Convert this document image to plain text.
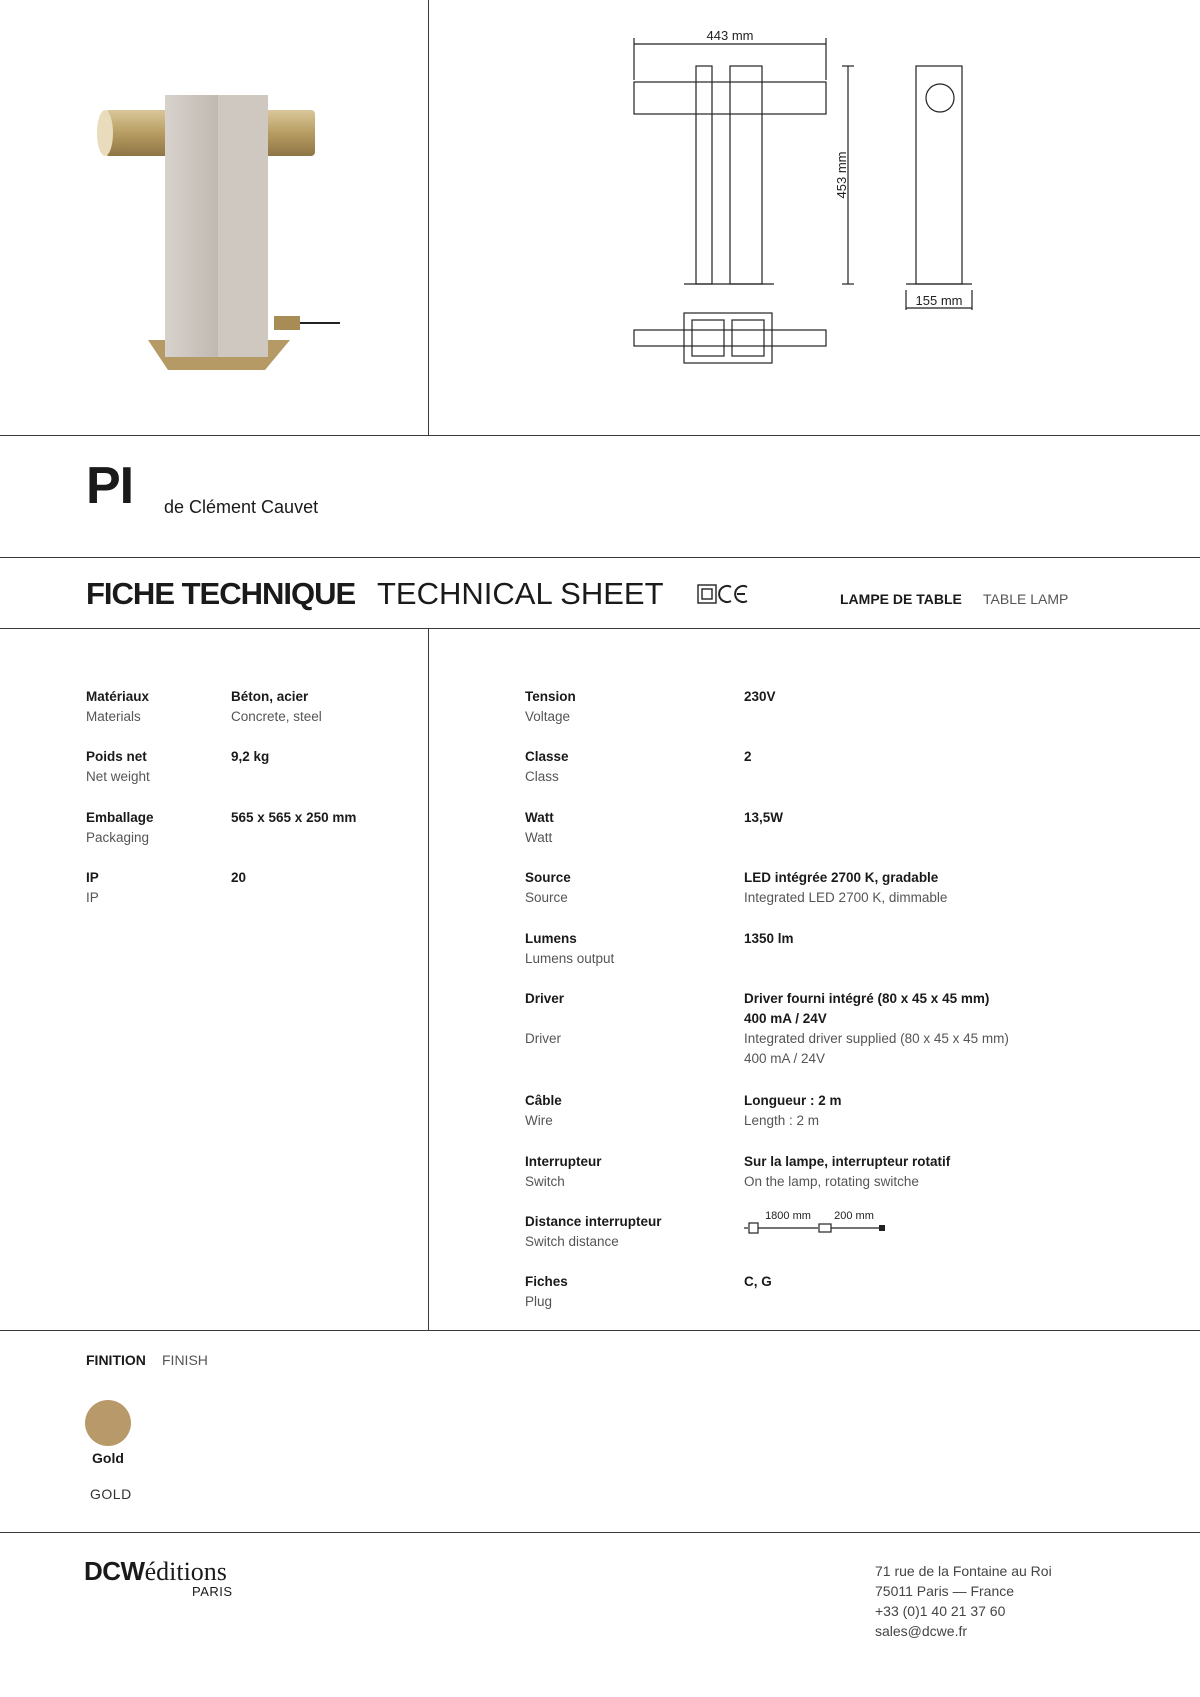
443 mm
453 mm
155 mm
PI de Clément Cauvet
FICHE TECHNIQUE TECHNICAL SHEET	LAMPE DE TABLE TABLE LAMP
Matériaux
Materials
Béton, acier
Concrete, steel
Poids net
Net weight
9,2 kg
Emballage
Packaging
565 x 565 x 250 mm
IP
IP
20
Tension
Voltage
230V
Classe
Class
2
Watt
Watt
13,5W
Source
Source
LED intégrée 2700 K, gradable
Integrated LED 2700 K, dimmable
Lumens
Lumens output
1350 lm
Driver
Driver
Driver fourni intégré (80 x 45 x 45 mm)
400 mA / 24V
Integrated driver supplied (80 x 45 x 45 mm)
400 mA / 24V
Câble
Wire
Longueur : 2 m
Length : 2 m
Interrupteur
Switch
Sur la lampe, interrupteur rotatif
On the lamp, rotating switche
Distance interrupteur
Switch distance
1800 mm 200 mm
Fiches
Plug
C, G
FINITION FINISH
Gold
GOLD
DCWéditions
PARIS
71 rue de la Fontaine au Roi
75011 Paris — France
+33 (0)1 40 21 37 60
sales@dcwe.fr
